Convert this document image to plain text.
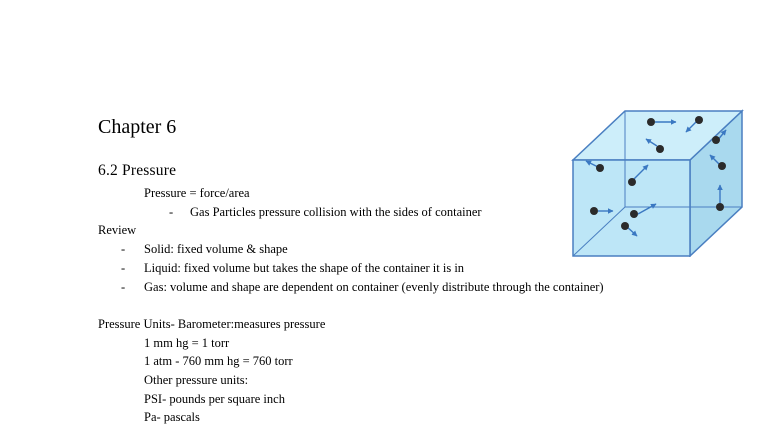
Chapter 6
6.2 Pressure
Pressure = force/area
- Gas Particles pressure collision with the sides of container
Review
- Solid: fixed volume & shape
- Liquid: fixed volume but takes the shape of the container it is in
- Gas: volume and shape are dependent on container (evenly distribute through the container)
Pressure Units- Barometer:measures pressure
1 mm hg = 1 torr
1 atm - 760 mm hg = 760 torr
Other pressure units:
PSI- pounds per square inch
Pa- pascals
